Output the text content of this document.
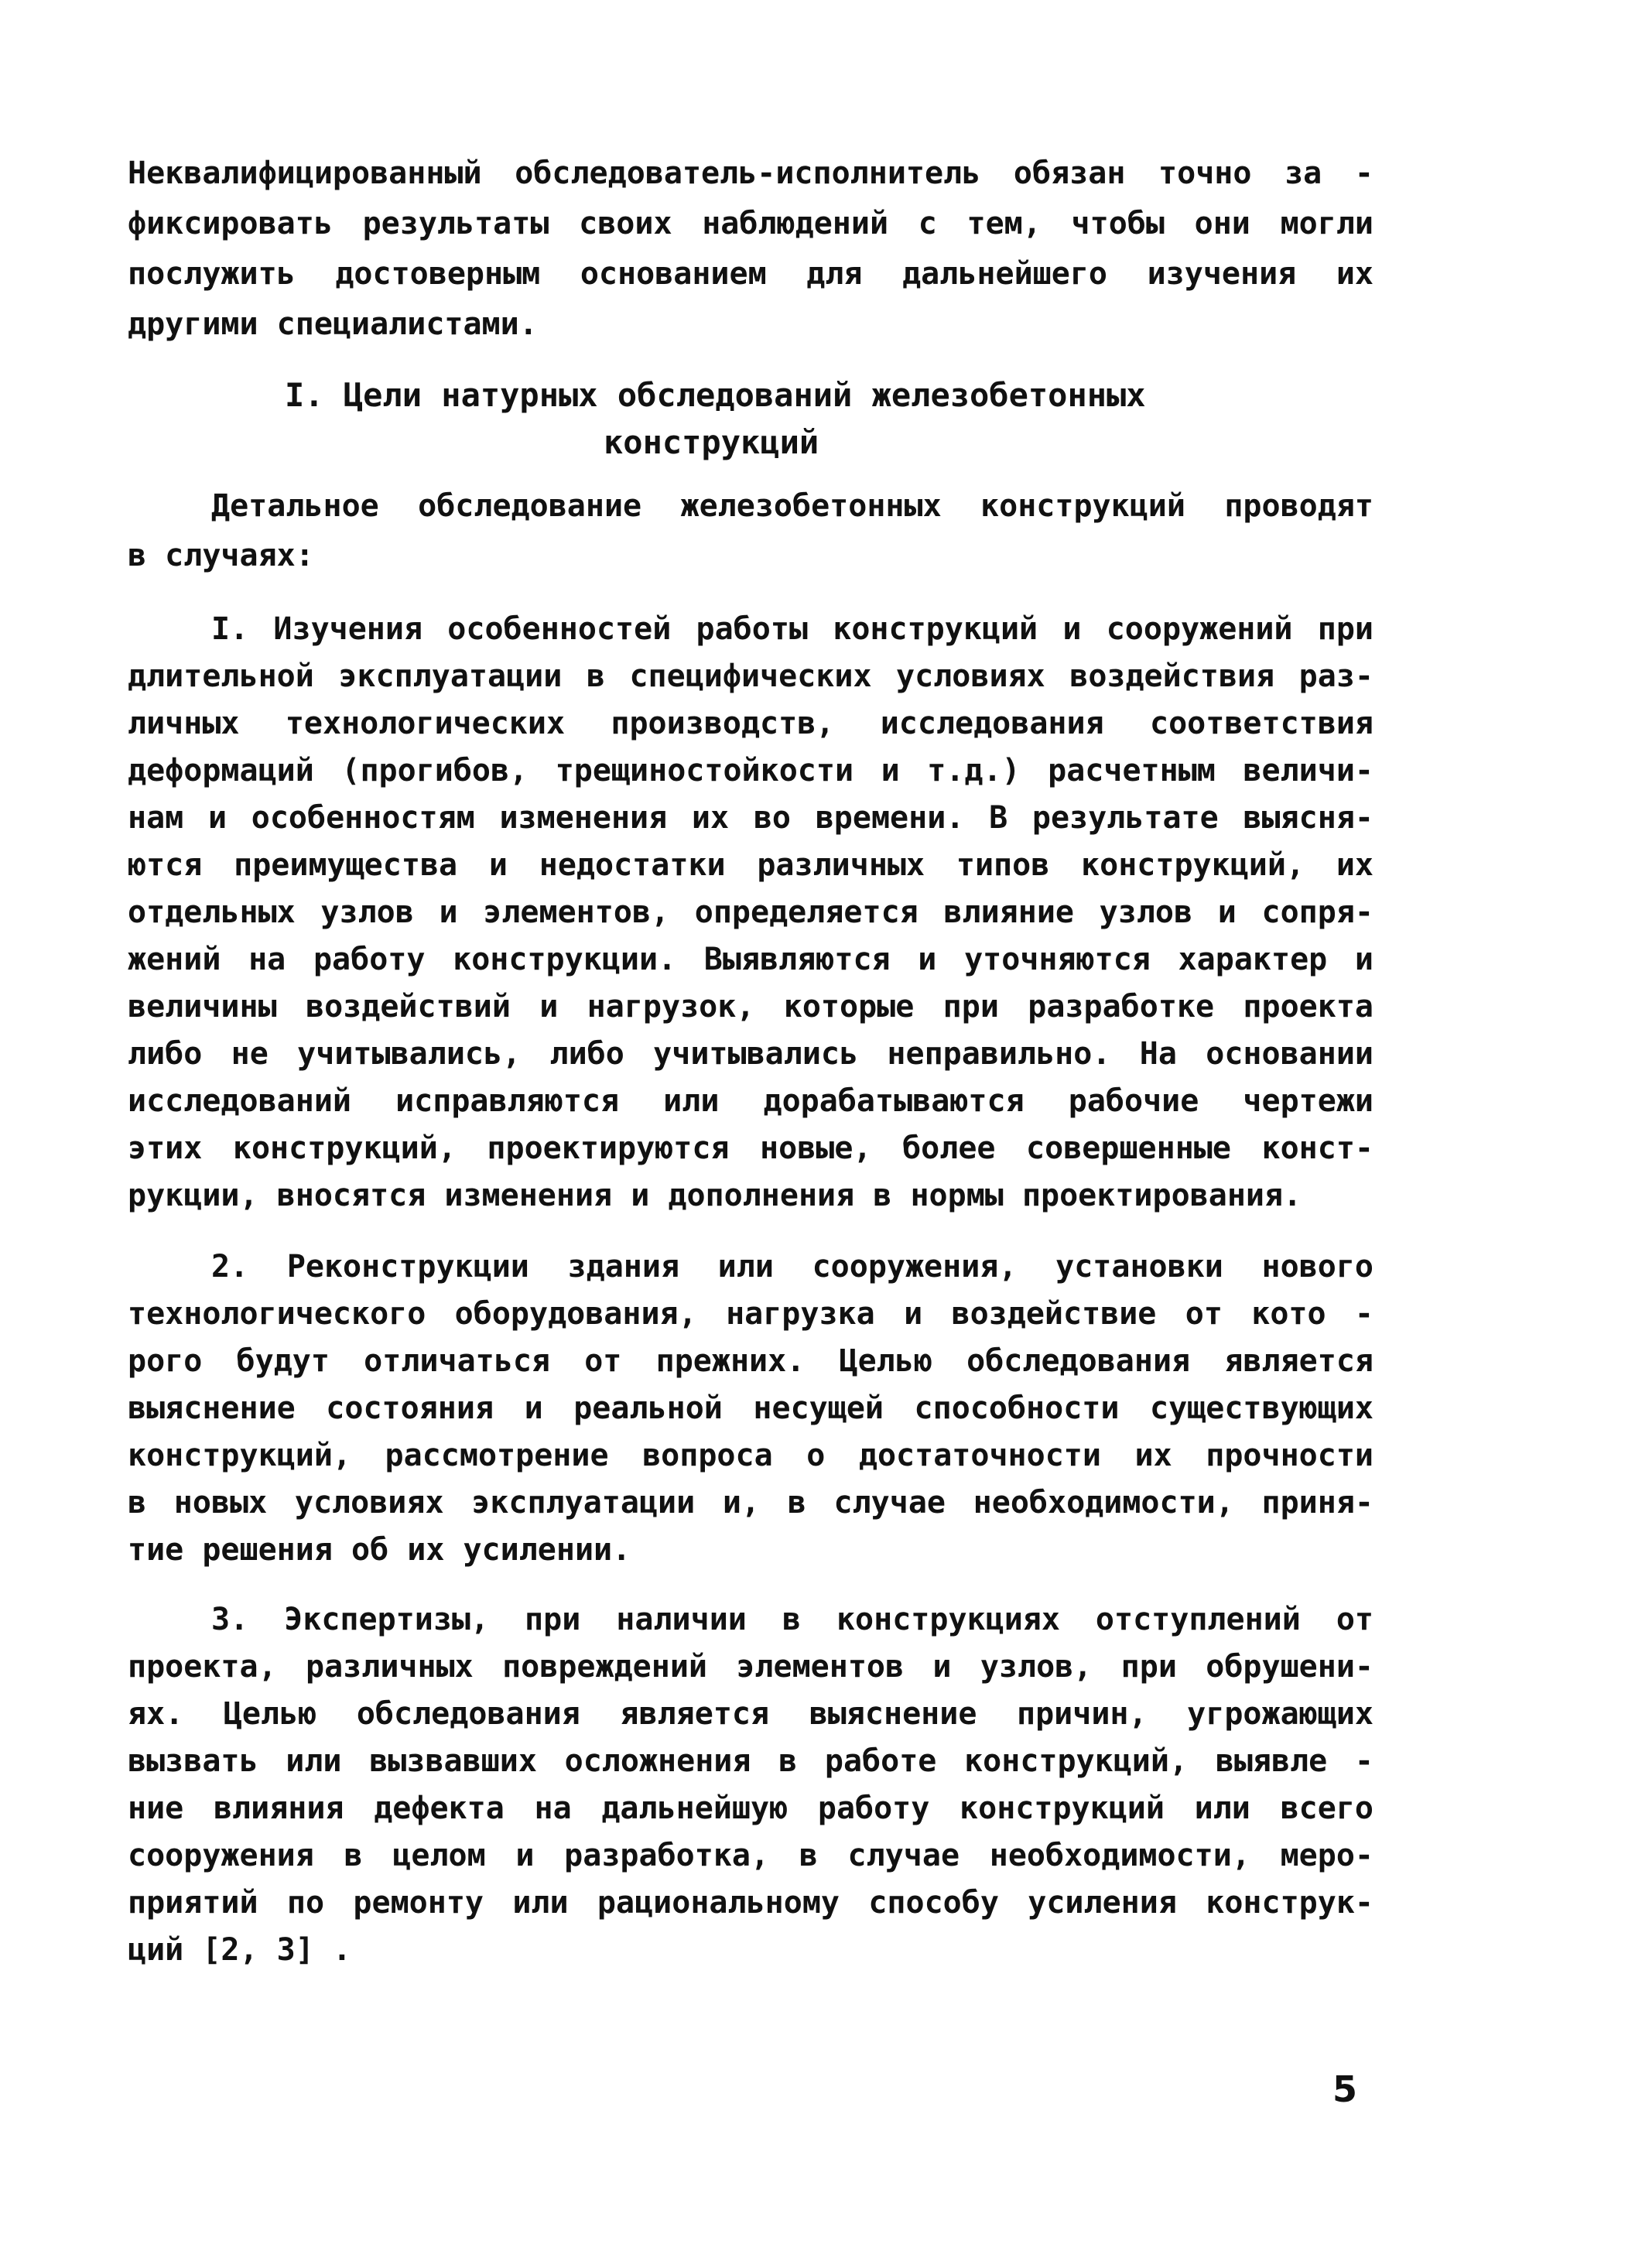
Неквалифицированный обследователь-исполнитель обязан точно за -
фиксировать результаты своих наблюдений с тем, чтобы они могли
послужить достоверным основанием для дальнейшего изучения их
другими специалистами.
I. Цели натурных обследований железобетонных
конструкций
Детальное обследование железобетонных конструкций проводят
в случаях:
I. Изучения особенностей работы конструкций и сооружений при
длительной эксплуатации в специфических условиях воздействия раз-
личных технологических производств, исследования соответствия
деформаций (прогибов, трещиностойкости и т.д.) расчетным величи-
нам и особенностям изменения их во времени. В результате выясня-
ются преимущества и недостатки различных типов конструкций, их
отдельных узлов и элементов, определяется влияние узлов и сопря-
жений на работу конструкции. Выявляются и уточняются характер и
величины воздействий и нагрузок, которые при разработке проекта
либо не учитывались, либо учитывались неправильно. На основании
исследований исправляются или дорабатываются рабочие чертежи
этих конструкций, проектируются новые, более совершенные конст-
рукции, вносятся изменения и дополнения в нормы проектирования.
2. Реконструкции здания или сооружения, установки нового
технологического оборудования, нагрузка и воздействие от кото -
рого будут отличаться от прежних. Целью обследования является
выяснение состояния и реальной несущей способности существующих
конструкций, рассмотрение вопроса о достаточности их прочности
в новых условиях эксплуатации и, в случае необходимости, приня-
тие решения об их усилении.
3. Экспертизы, при наличии в конструкциях отступлений от
проекта, различных повреждений элементов и узлов, при обрушени-
ях. Целью обследования является выяснение причин, угрожающих
вызвать или вызвавших осложнения в работе конструкций, выявле -
ние влияния дефекта на дальнейшую работу конструкций или всего
сооружения в целом и разработка, в случае необходимости, меро-
приятий по ремонту или рациональному способу усиления конструк-
ций [2, 3] .
5
